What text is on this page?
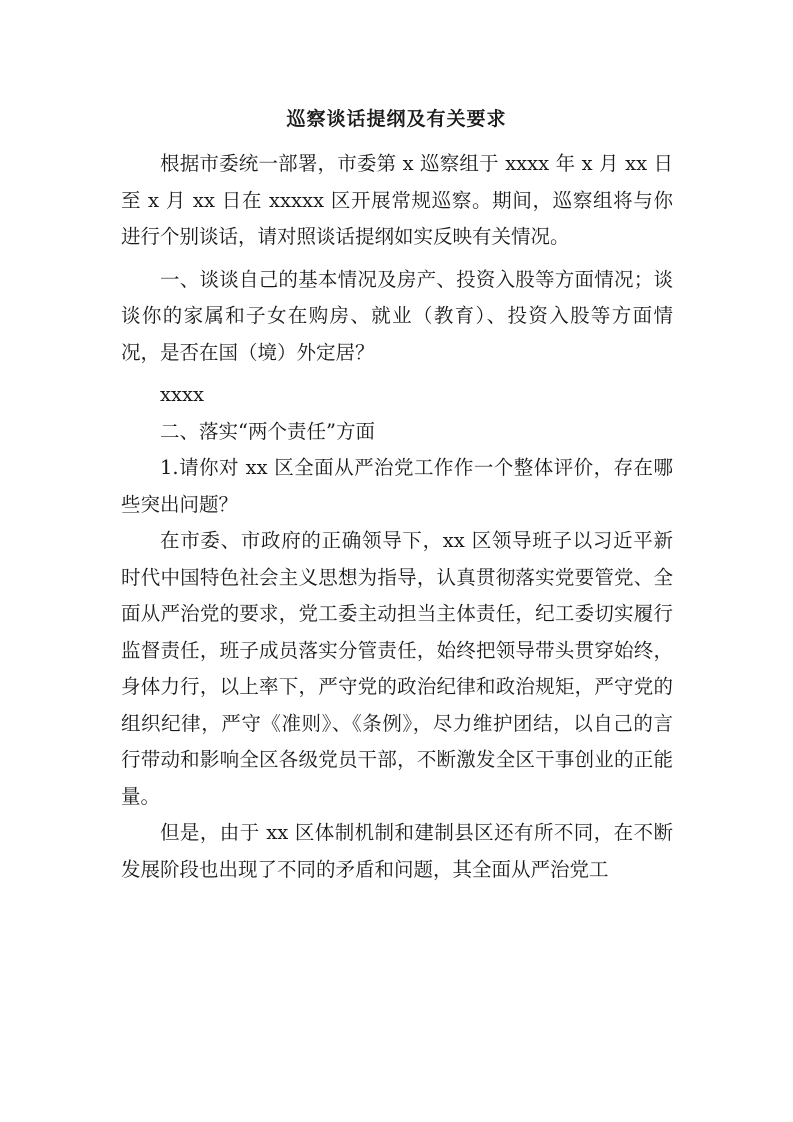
巡察谈话提纲及有关要求

根据市委统一部署，市委第 x 巡察组于 xxxx 年 x 月 xx 日至 x 月 xx 日在 xxxxx 区开展常规巡察。期间，巡察组将与你进行个别谈话，请对照谈话提纲如实反映有关情况。

一、谈谈自己的基本情况及房产、投资入股等方面情况；谈谈你的家属和子女在购房、就业（教育）、投资入股等方面情况，是否在国（境）外定居？

xxxx

二、落实“两个责任”方面

1.请你对 xx 区全面从严治党工作作一个整体评价，存在哪些突出问题？

在市委、市政府的正确领导下，xx 区领导班子以习近平新时代中国特色社会主义思想为指导，认真贯彻落实党要管党、全面从严治党的要求，党工委主动担当主体责任，纪工委切实履行监督责任，班子成员落实分管责任，始终把领导带头贯穿始终，身体力行，以上率下，严守党的政治纪律和政治规矩，严守党的组织纪律，严守《准则》、《条例》，尽力维护团结，以自己的言行带动和影响全区各级党员干部，不断激发全区干事创业的正能量。

但是，由于 xx 区体制机制和建制县区还有所不同，在不断发展阶段也出现了不同的矛盾和问题，其全面从严治党工
